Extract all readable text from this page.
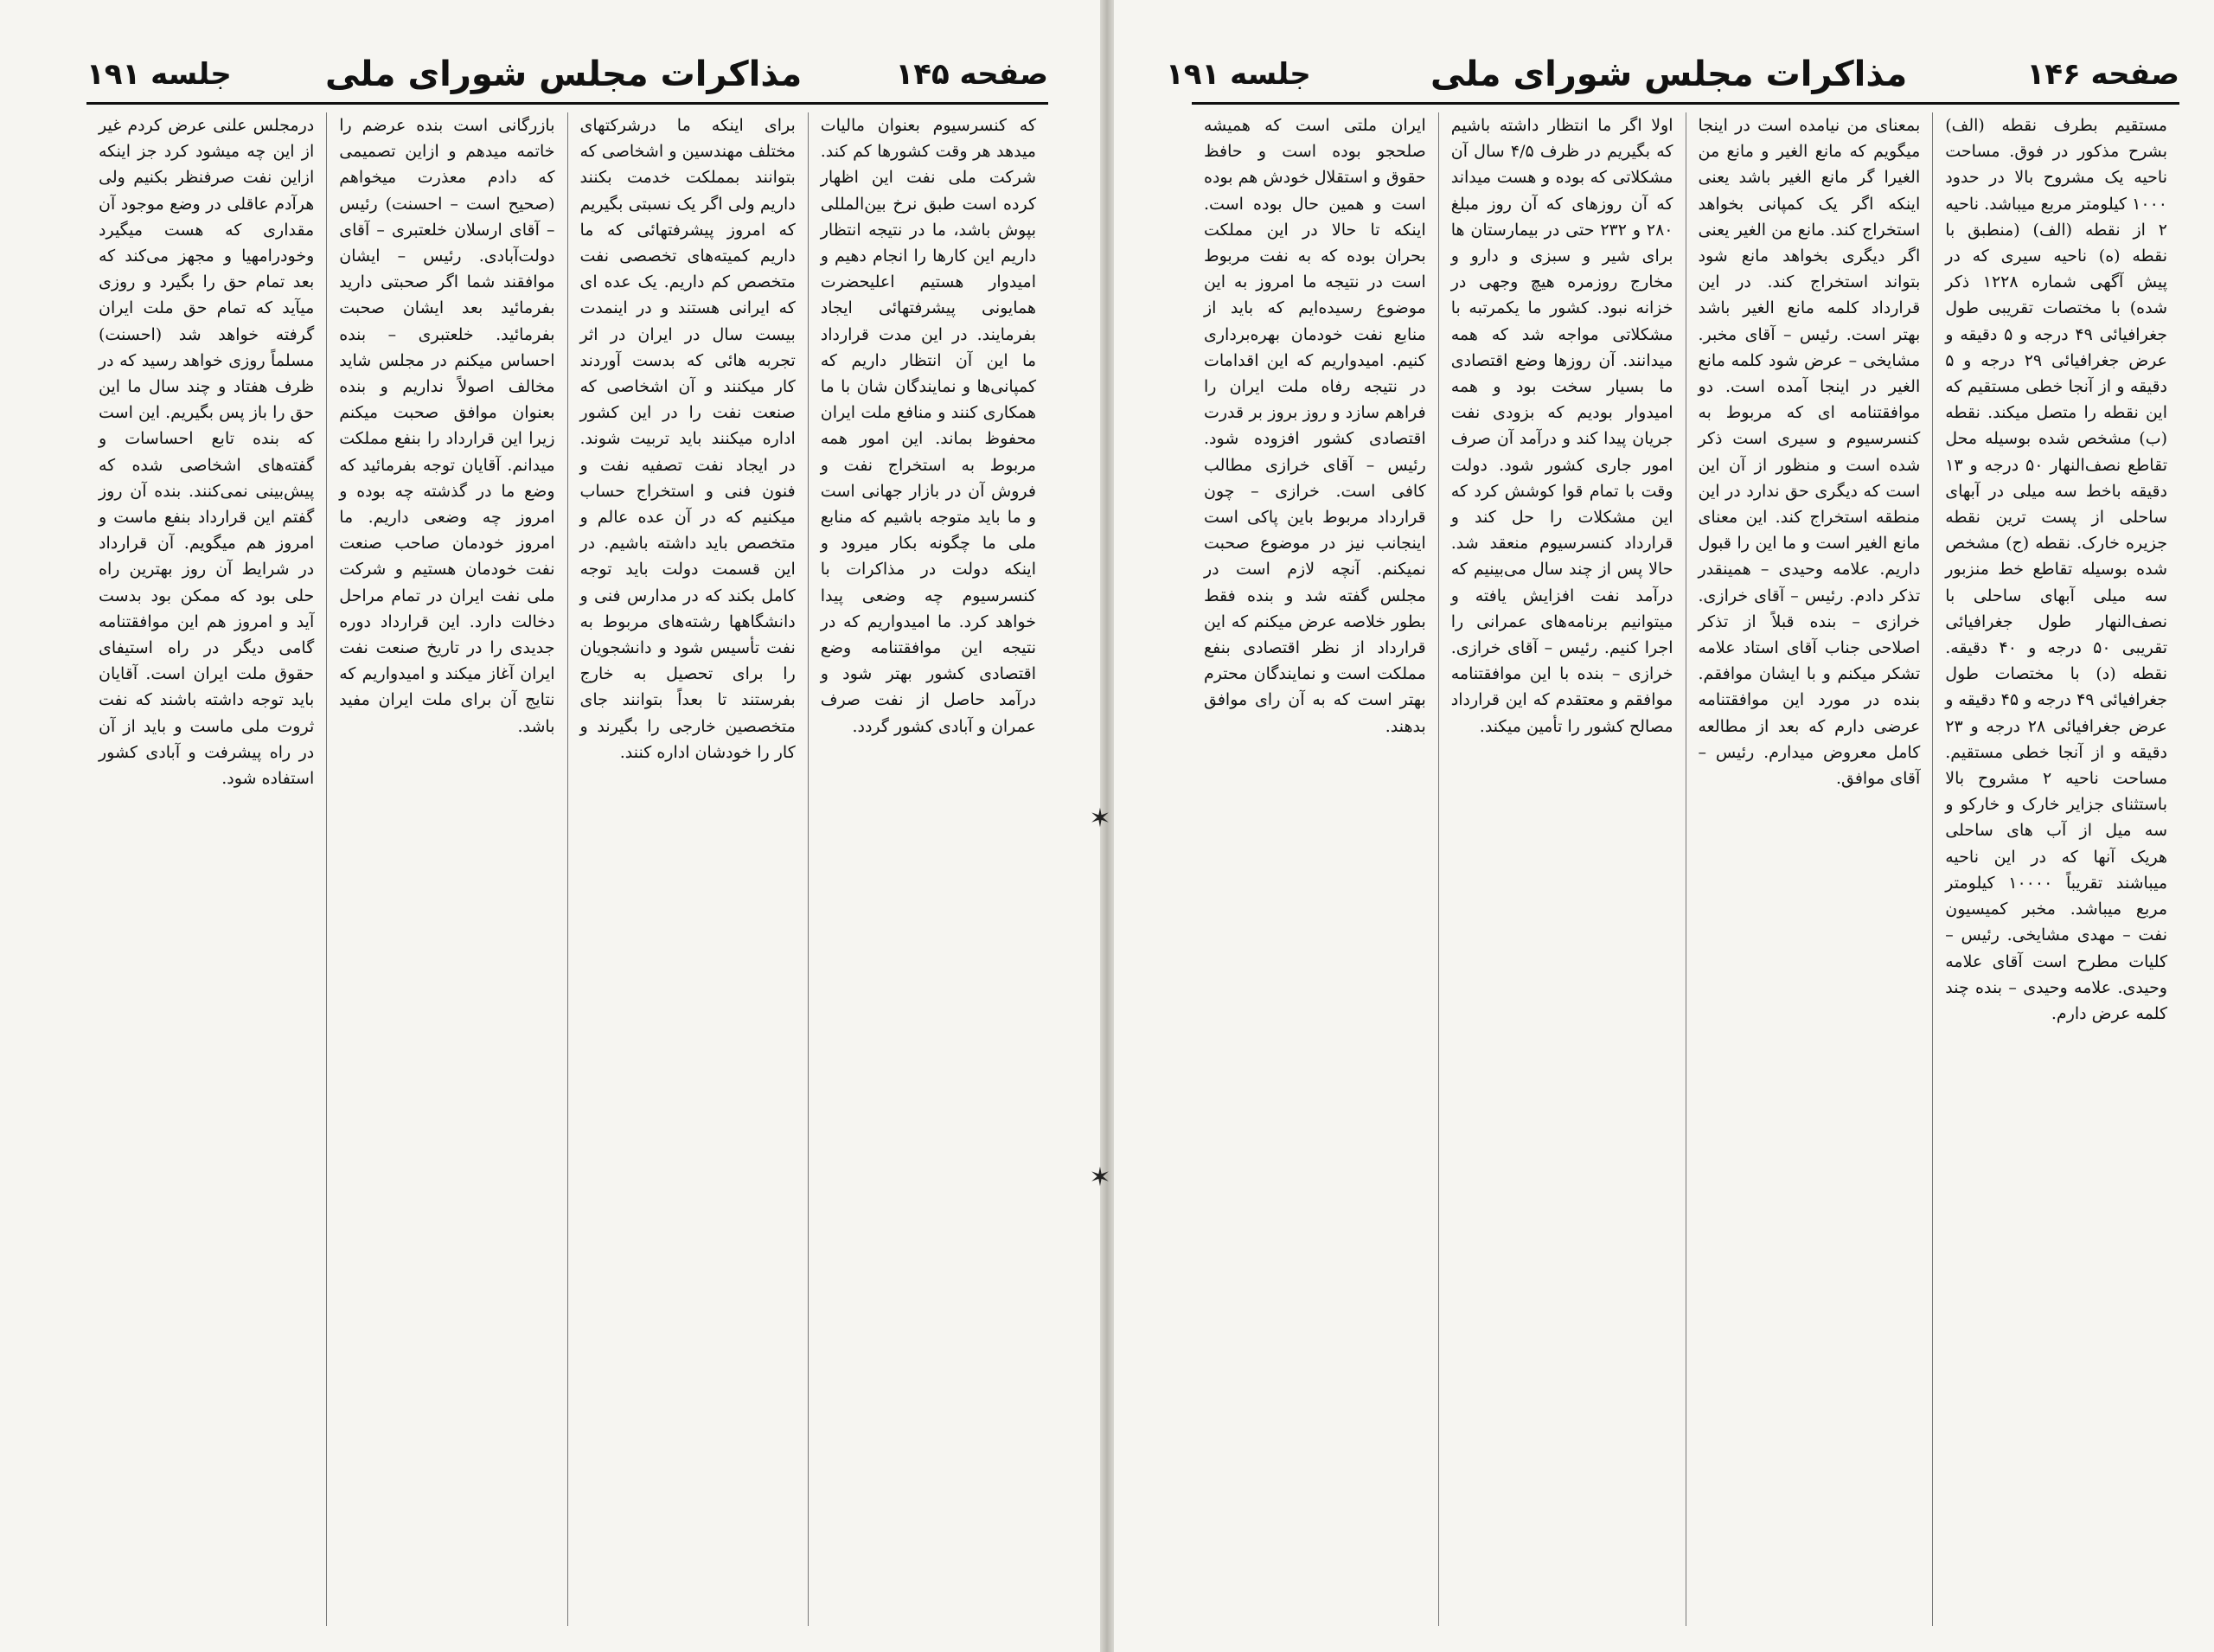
صفحه ۱۴۵
مذاکرات مجلس شورای ملی
جلسه ۱۹۱
که کنسرسیوم بعنوان مالیات میدهد هر وقت کشورها کم کند. شرکت ملی نفت این اظهار کرده است طبق نرخ بین‌المللی بپوش باشد، ما در نتیجه انتظار داریم این کارها را انجام دهیم و امیدوار هستیم اعلیحضرت همایونی پیشرفتهائی ایجاد بفرمایند. در این مدت قرارداد ما این آن انتظار داریم که کمپانی‌ها و نمایندگان شان با ما همکاری کنند و منافع ملت ایران محفوظ بماند. این امور همه مربوط به استخراج نفت و فروش آن در بازار جهانی است و ما باید متوجه باشیم که منابع ملی ما چگونه بکار میرود و اینکه دولت در مذاکرات با کنسرسیوم چه وضعی پیدا خواهد کرد. ما امیدواریم که در نتیجه این موافقتنامه وضع اقتصادی کشور بهتر شود و درآمد حاصل از نفت صرف عمران و آبادی کشور گردد.
برای اینکه ما درشرکتهای مختلف مهندسین و اشخاصی که بتوانند بمملکت خدمت بکنند داریم ولی اگر یک نسبتی بگیریم که امروز پیشرفتهائی که ما داریم کمیته‌های تخصصی نفت متخصص کم داریم. یک عده ای که ایرانی هستند و در اینمدت بیست سال در ایران در اثر تجربه هائی که بدست آوردند کار میکنند و آن اشخاصی که صنعت نفت را در این کشور اداره میکنند باید تربیت شوند. در ایجاد نفت تصفیه نفت و فنون فنی و استخراج حساب میکنیم که در آن عده عالم و متخصص باید داشته باشیم. در این قسمت دولت باید توجه کامل بکند که در مدارس فنی و دانشگاهها رشته‌های مربوط به نفت تأسیس شود و دانشجویان را برای تحصیل به خارج بفرستند تا بعداً بتوانند جای متخصصین خارجی را بگیرند و کار را خودشان اداره کنند.
بازرگانی است بنده عرضم را خاتمه میدهم و ازاین تصمیمی که دادم معذرت میخواهم (صحیح است – احسنت) رئیس – آقای ارسلان خلعتبری – آقای دولت‌آبادی. رئیس – ایشان موافقند شما اگر صحبتی دارید بفرمائید بعد ایشان صحبت بفرمائید. خلعتبری – بنده احساس میکنم در مجلس شاید مخالف اصولاً نداریم و بنده بعنوان موافق صحبت میکنم زیرا این قرارداد را بنفع مملکت میدانم. آقایان توجه بفرمائید که وضع ما در گذشته چه بوده و امروز چه وضعی داریم. ما امروز خودمان صاحب صنعت نفت خودمان هستیم و شرکت ملی نفت ایران در تمام مراحل دخالت دارد. این قرارداد دوره جدیدی را در تاریخ صنعت نفت ایران آغاز میکند و امیدواریم که نتایج آن برای ملت ایران مفید باشد.
درمجلس علنی عرض کردم غیر از این چه میشود کرد جز اینکه ازاین نفت صرفنظر بکنیم ولی هرآدم عاقلی در وضع موجود آن مقداری که هست میگیرد وخودرامهیا و مجهز می‌کند که بعد تمام حق را بگیرد و روزی میآید که تمام حق ملت ایران گرفته خواهد شد (احسنت) مسلماً روزی خواهد رسید که در ظرف هفتاد و چند سال ما این حق را باز پس بگیریم. این است که بنده تابع احساسات و گفته‌های اشخاصی شده که پیش‌بینی نمی‌کنند. بنده آن روز گفتم این قرارداد بنفع ماست و امروز هم میگویم. آن قرارداد در شرایط آن روز بهترین راه حلی بود که ممکن بود بدست آید و امروز هم این موافقتنامه گامی دیگر در راه استیفای حقوق ملت ایران است. آقایان باید توجه داشته باشند که نفت ثروت ملی ماست و باید از آن در راه پیشرفت و آبادی کشور استفاده شود.
✶
✶
صفحه ۱۴۶
مذاکرات مجلس شورای ملی
جلسه ۱۹۱
مستقیم بطرف نقطه (الف) بشرح مذکور در فوق. مساحت ناحیه یک مشروح بالا در حدود ۱۰۰۰ کیلومتر مربع میباشد. ناحیه ۲ از نقطه (الف) (منطبق با نقطه (ه) ناحیه سیری که در پیش آگهی شماره ۱۲۲۸ ذکر شده) با مختصات تقریبی طول جغرافیائی ۴۹ درجه و ۵ دقیقه و عرض جغرافیائی ۲۹ درجه و ۵ دقیقه و از آنجا خطی مستقیم که این نقطه را متصل میکند. نقطه (ب) مشخص شده بوسیله محل تقاطع نصف‌النهار ۵۰ درجه و ۱۳ دقیقه باخط سه میلی در آبهای ساحلی از پست ترین نقطه جزیره خارک. نقطه (ج) مشخص شده بوسیله تقاطع خط منزبور سه میلی آبهای ساحلی با نصف‌النهار طول جغرافیائی تقریبی ۵۰ درجه و ۴۰ دقیقه. نقطه (د) با مختصات طول جغرافیائی ۴۹ درجه و ۴۵ دقیقه و عرض جغرافیائی ۲۸ درجه و ۲۳ دقیقه و از آنجا خطی مستقیم. مساحت ناحیه ۲ مشروح بالا باستثنای جزایر خارک و خارکو و سه میل از آب های ساحلی هریک آنها که در این ناحیه میباشند تقریباً ۱۰۰۰۰ کیلومتر مربع میباشد. مخبر کمیسیون نفت – مهدی مشایخی. رئیس – کلیات مطرح است آقای علامه وحیدی. علامه وحیدی – بنده چند کلمه عرض دارم.
بمعنای من نیامده است در اینجا میگویم که مانع الغیر و مانع من الغیرا گر مانع الغیر باشد یعنی اینکه اگر یک کمپانی بخواهد استخراج کند. مانع من الغیر یعنی اگر دیگری بخواهد مانع شود بتواند استخراج کند. در این قرارداد کلمه مانع الغیر باشد بهتر است. رئیس – آقای مخبر. مشایخی – عرض شود کلمه مانع الغیر در اینجا آمده است. دو موافقتنامه ای که مربوط به کنسرسیوم و سیری است ذکر شده است و منظور از آن این است که دیگری حق ندارد در این منطقه استخراج کند. این معنای مانع الغیر است و ما این را قبول داریم. علامه وحیدی – همینقدر تذکر دادم. رئیس – آقای خرازی. خرازی – بنده قبلاً از تذکر اصلاحی جناب آقای استاد علامه تشکر میکنم و با ایشان موافقم. بنده در مورد این موافقتنامه عرضی دارم که بعد از مطالعه کامل معروض میدارم. رئیس – آقای موافق.
اولا اگر ما انتظار داشته باشیم که بگیریم در ظرف ۴/۵ سال آن مشکلاتی که بوده و هست میداند که آن روزهای که آن روز مبلغ ۲۸۰ و ۲۳۲ حتی در بیمارستان ها برای شیر و سبزی و دارو و مخارج روزمره هیچ وجهی در خزانه نبود. کشور ما یکمرتبه با مشکلاتی مواجه شد که همه میدانند. آن روزها وضع اقتصادی ما بسیار سخت بود و همه امیدوار بودیم که بزودی نفت جریان پیدا کند و درآمد آن صرف امور جاری کشور شود. دولت وقت با تمام قوا کوشش کرد که این مشکلات را حل کند و قرارداد کنسرسیوم منعقد شد. حالا پس از چند سال می‌بینیم که درآمد نفت افزایش یافته و میتوانیم برنامه‌های عمرانی را اجرا کنیم. رئیس – آقای خرازی. خرازی – بنده با این موافقتنامه موافقم و معتقدم که این قرارداد مصالح کشور را تأمین میکند.
ایران ملتی است که همیشه صلحجو بوده است و حافظ حقوق و استقلال خودش هم بوده است و همین حال بوده است. اینکه تا حالا در این مملکت بحران بوده که به نفت مربوط است در نتیجه ما امروز به این موضوع رسیده‌ایم که باید از منابع نفت خودمان بهره‌برداری کنیم. امیدواریم که این اقدامات در نتیجه رفاه ملت ایران را فراهم سازد و روز بروز بر قدرت اقتصادی کشور افزوده شود. رئیس – آقای خرازی مطالب کافی است. خرازی – چون قرارداد مربوط باین پاکی است اینجانب نیز در موضوع صحبت نمیکنم. آنچه لازم است در مجلس گفته شد و بنده فقط بطور خلاصه عرض میکنم که این قرارداد از نظر اقتصادی بنفع مملکت است و نمایندگان محترم بهتر است که به آن رای موافق بدهند.
